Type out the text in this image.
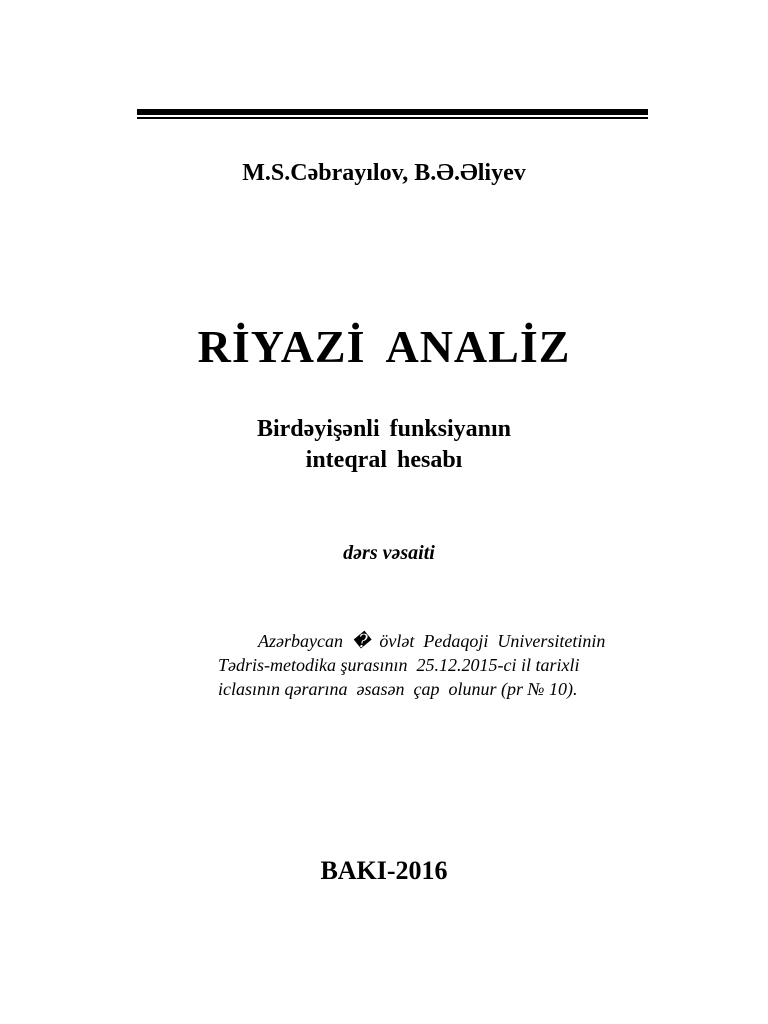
M.S.Cəbrayılov, B.Ə.Əliyev
RİYAZİ ANALİZ
Birdəyişənli funksiyanın
inteqral hesabı
dərs vəsaiti
Azərbaycan  �  övlət  Pedaqoji  Universitetinin
Tədris-metodika şurasının  25.12.2015-ci il tarixli
iclasının qərarına  əsasən  çap  olunur (pr № 10).
BAKI-2016
